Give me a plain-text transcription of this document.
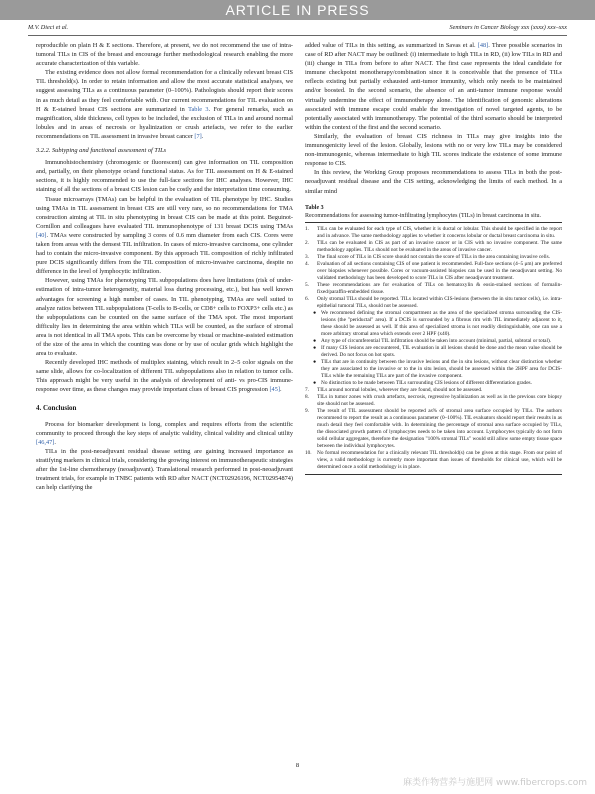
ARTICLE IN PRESS
M.V. Dieci et al.	Seminars in Cancer Biology xxx (xxxx) xxx–xxx

reproducible on plain H & E sections. Therefore, at present, we do not recommend the use of intra-tumoral TILs in CIS of the breast and encourage further methodological research enabling the more accurate characterization of this variable.

The existing evidence does not allow formal recommendation for a clinically relevant breast CIS TIL threshold(s). In order to retain information and allow the most accurate statistical analyses, we suggest assessing TILs as a continuous parameter (0–100%). Pathologists should report their scores in as much detail as they feel comfortable with. Our current recommendations for TIL evaluation on H & E-stained breast CIS sections are summarized in Table 3. For general remarks, such as magnification, slide thickness, cell types to be included, the exclusion of TILs in and around normal lobules and in areas of necrosis or hyalinization or crush artefacts, we refer to the earlier recommendations on TIL assessment in invasive breast cancer [7].

3.2.2. Subtyping and functional assessment of TILs

Immunohistochemistry (chromogenic or fluorescent) can give information on TIL composition and, partially, on their phenotype or/and functional status. As for TIL assessment on H & E-stained sections, it is highly recommended to use the full-face sections for IHC analyses. However, IHC staining of all the sections of a breast CIS lesion can be costly and the interpretation time consuming.

Tissue microarrays (TMAs) can be helpful in the evaluation of TIL phenotype by IHC. Studies using TMAs in TIL assessment in breast CIS are still very rare, so no recommendations for TMA construction aiming at TIL in situ phenotyping in breast CIS can be made at this point. Beguinot-Cornillon and colleagues have evaluated TIL immunophenotype of 131 breast DCIS using TMAs [40]. TMAs were constructed by sampling 3 cores of 0.6 mm diameter from each CIS. Cores were taken from areas with the densest TIL infiltration. In cases of micro-invasive carcinoma, one cylinder had to contain the micro-invasive component. By this approach TIL composition of richly infiltrated pure DCIS significantly differs from the TIL composition of micro-invasive carcinoma, despite no difference in the level of lymphocytic infiltration.

However, using TMAs for phenotyping TIL subpopulations does have limitations (risk of under-estimation of intra-tumor heterogeneity, material loss during processing, etc.), but has well known advantages for screening a high number of cases. In TIL phenotyping, TMAs are well suited to analyze ratios between TIL subpopulations (T-cells to B-cells, or CD8+ cells to FOXP3+ cells etc.) as the subpopulations can be counted on the same surface of the TMA spot. The most important difficulty lies in determining the area within which TILs will be counted, as the surface of stromal area is not identical in all TMA spots. This can be overcome by visual or machine-assisted estimation of the size of the area in which the counting was done or by use of ocular grids which highlight the area to evaluate.

Recently developed IHC methods of multiplex staining, which result in 2–5 color signals on the same slide, allows for co-localization of different TIL subpopulations also in relation to tumor cells. This approach might be very useful in the analysis of development of anti- vs pro-CIS immune-response over time, as these changes may provide important clues of breast CIS progression [45].

4. Conclusion

Process for biomarker development is long, complex and requires efforts from the scientific community to proceed through the key steps of analytic validity, clinical validity and clinical utility [46,47].

TILs in the post-neoadjuvant residual disease setting are gaining increased importance as stratifying markers in clinical trials, considering the growing interest on immunotherapeutic strategies after the 1st-line chemotherapy (neoadjuvant). Translational research performed in post-neoadjuvant treatment trials, for example in TNBC patients with RD after NACT (NCT02926196, NCT02954874) can help clarifying the

added value of TILs in this setting, as summarized in Savas et al. [48]. Three possible scenarios in case of RD after NACT may be outlined: (i) intermediate to high TILs in RD, (ii) low TILs in RD and (iii) change in TILs from before to after NACT. The first case represents the ideal candidate for immune checkpoint monotherapy/combination since it is conceivable that the presence of TILs reflects existing but partially exhausted anti-tumor immunity, which only needs to be maintained and/or boosted. In the second scenario, the absence of an anti-tumor immune response would virtually undermine the effect of immunotherapy alone. The identification of genomic alterations associated with immune escape could enable the investigation of novel targeted agents, to be potentially associated with immunotherapy. The potential of the third scenario should be interpreted within the context of the first and the second scenario.

Similarly, the evaluation of breast CIS richness in TILs may give insights into the immunogenicity level of the lesion. Globally, lesions with no or very low TILs may be considered non-immunogenic, whereas intermediate to high TIL scores indicate the existence of some immune response to CIS.

In this review, the Working Group proposes recommendations to assess TILs in both the post-neoadjuvant residual disease and the CIS setting, acknowledging the limits of each method. In a similar mind

Table 3
Recommendations for assessing tumor-infiltrating lymphocytes (TILs) in breast carcinoma in situ.
1. TILs can be evaluated for each type of CIS, whether it is ductal or lobular. This should be specified in the report and in advance. The same methodology applies to whether it concerns lobular or ductal breast carcinoma in situ.
2. TILs can be evaluated in CIS as part of an invasive cancer or in CIS with no invasive component. The same methodology applies. TILs should not be evaluated in the areas of invasive cancer.
3. The final score of TILs in CIS score should not contain the score of TILs in the area containing invasive cells.
4. Evaluation of all sections containing CIS of one patient is recommended. Full-face sections (4–5 μm) are preferred over biopsies whenever possible. Cores or vacuum-assisted biopsies can be used in the neoadjuvant setting. No validated methodology has been developed to score TILs in CIS after neoadjuvant treatment.
5. These recommendations are for evaluation of TILs on hematoxylin & eosin-stained sections of formalin-fixed/paraffin-embedded tissue.
6. Only stromal TILs should be reported. TILs located within CIS-lesions (between the in situ tumor cells), i.e. intra-epithelial tumoral TILs, should not be assessed.
● We recommend defining the stromal compartment as the area of the specialized stroma surrounding the CIS-lesions (the "periductal" area). If a DCIS is surrounded by a fibrous rim with TIL immediately adjacent to it, these should be assessed as well. If this area of specialized stroma is not readily distinguishable, one can use a more arbitrary stromal area which extends over 2 HPF (x40).
● Any type of circumferential TIL infiltration should be taken into account (minimal, partial, subtotal or total).
● If many CIS lesions are encountered, TIL evaluation in all lesions should be done and the mean value should be derived. Do not focus on hot spots.
● TILs that are in continuity between the invasive lesions and the in situ lesions, without clear distinction whether they are associated to the invasive or to the in situ lesion, should be assessed within the 2HPF area for DCIS-TILs while the remaining TILs are part of the invasive component.
● No distinction to be made between TILs surrounding CIS lesions of different differentiation grades.
7. TILs around normal lobules, wherever they are found, should not be assessed.
8. TILs in tumor zones with crush artefacts, necrosis, regressive hyalinization as well as in the previous core biopsy site should not be assessed.
9. The result of TIL assessment should be reported as% of stromal area surface occupied by TILs. The authors recommend to report the result as a continuous parameter (0–100%). TIL evaluators should report their results in as much detail they feel comfortable with. In determining the percentage of stromal area surface occupied by TILs, the dissociated growth pattern of lymphocytes needs to be taken into account. Lymphocytes typically do not form solid cellular aggregates, therefore the designation "100% stromal TILs" would still allow some empty tissue space between the individual lymphocytes.
10. No formal recommendation for a clinically relevant TIL threshold(s) can be given at this stage. From our point of view, a valid methodology is currently more important than issues of thresholds for clinical use, which will be determined once a solid methodology is in place.
8
麻类作物营养与施肥网 www.fibercrops.com
